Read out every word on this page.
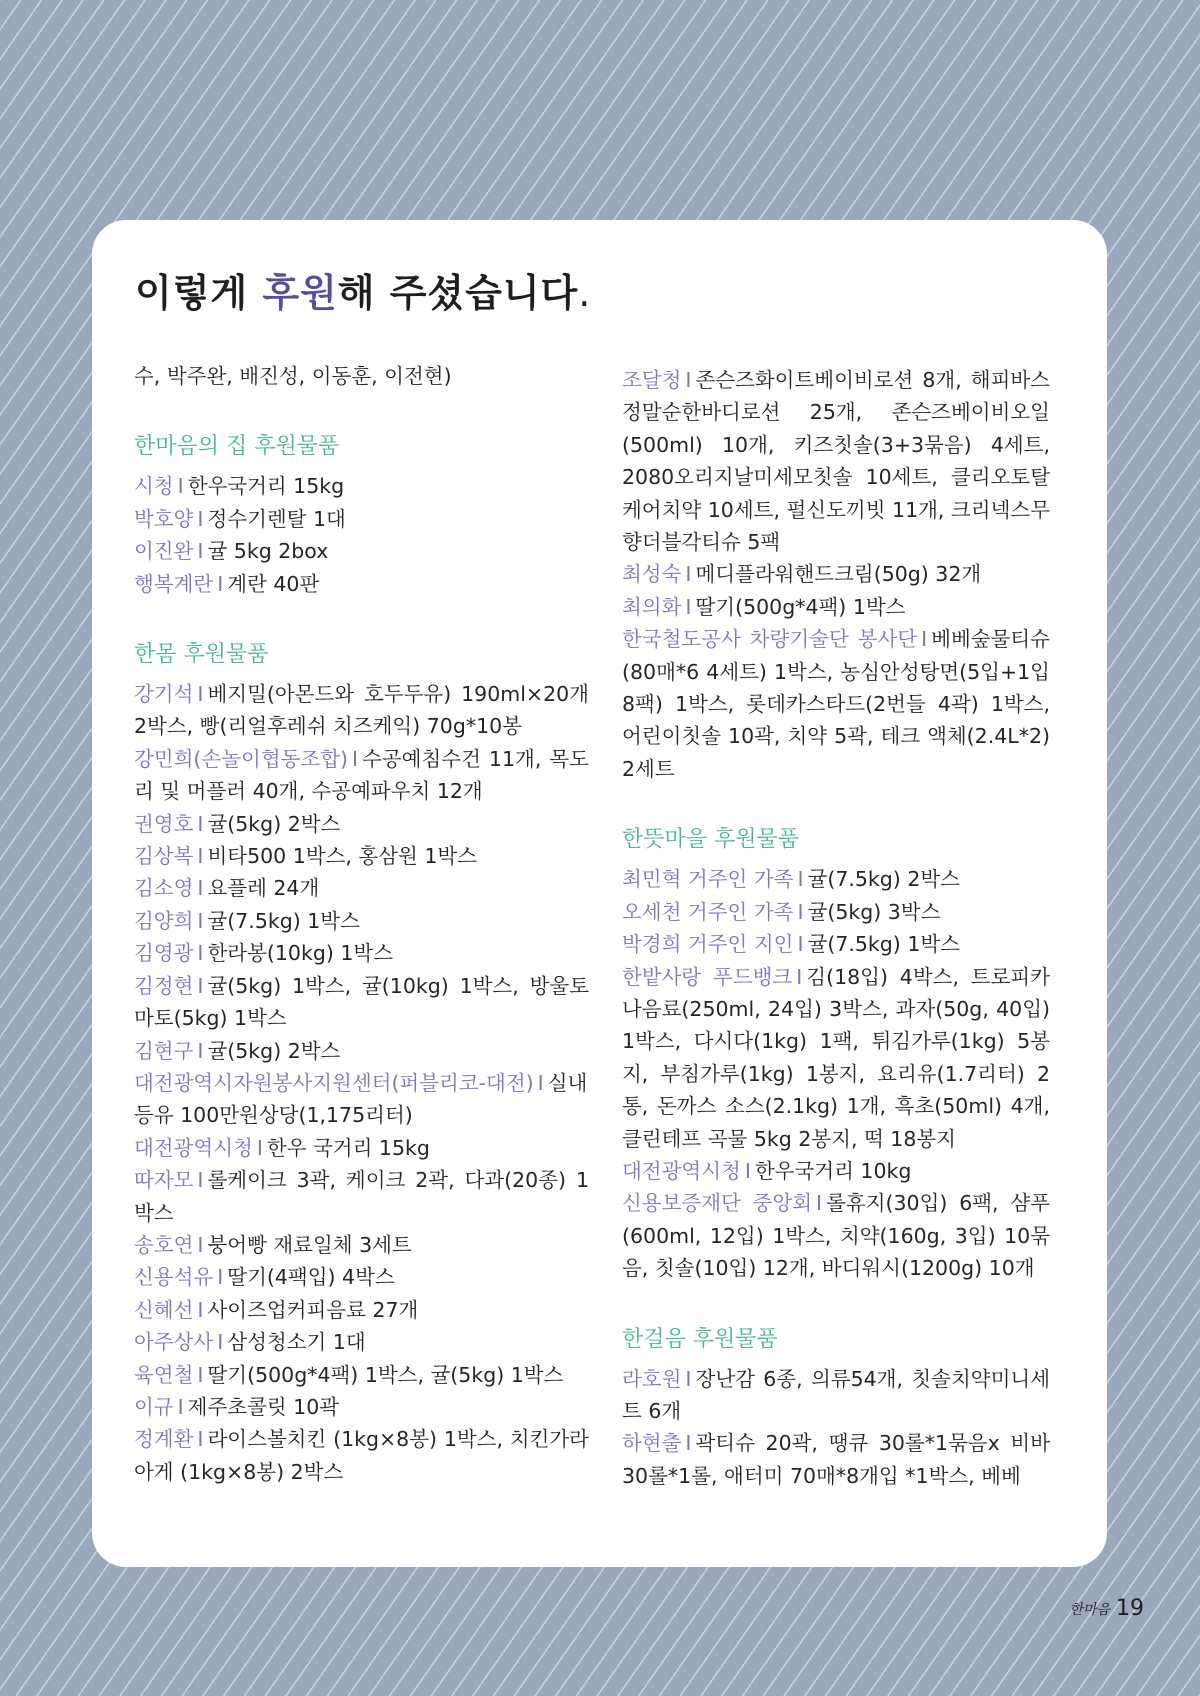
이렇게 후원해 주셨습니다.

수, 박주완, 배진성, 이동훈, 이전현)

한마음의 집 후원물품

시청 I 한우국거리 15kg

박호양 I 정수기렌탈 1대

이진완 I 귤 5kg 2box

행복계란 I 계란 40판

한몸 후원물품

강기석 I 베지밀(아몬드와 호두두유) 190ml×20개 2박스, 빵(리얼후레쉬 치즈케익) 70g*10봉

강민희(손놀이협동조합) I 수공예침수건 11개, 목도리 및 머플러 40개, 수공예파우치 12개

권영호 I 귤(5kg) 2박스

김상복 I 비타500 1박스, 홍삼원 1박스

김소영 I 요플레 24개

김양희 I 귤(7.5kg) 1박스

김영광 I 한라봉(10kg) 1박스

김정현 I 귤(5kg) 1박스, 귤(10kg) 1박스, 방울토마토(5kg) 1박스

김현구 I 귤(5kg) 2박스

대전광역시자원봉사지원센터(퍼블리코-대전) I 실내등유 100만원상당(1,175리터)

대전광역시청 I 한우 국거리 15kg

따자모 I 롤케이크 3곽, 케이크 2곽, 다과(20종) 1박스

송호연 I 붕어빵 재료일체 3세트

신용석유 I 딸기(4팩입) 4박스

신혜선 I 사이즈업커피음료 27개

아주상사 I 삼성청소기 1대

육연철 I 딸기(500g*4팩) 1박스, 귤(5kg) 1박스

이규 I 제주초콜릿 10곽

정계환 I 라이스볼치킨 (1kg×8봉) 1박스, 치킨가라아게 (1kg×8봉) 2박스

조달청 I 존슨즈화이트베이비로션 8개, 해피바스정말순한바디로션 25개, 존슨즈베이비오일(500ml) 10개, 키즈칫솔(3+3묶음) 4세트, 2080오리지날미세모칫솔 10세트, 클리오토탈케어치약 10세트, 펄신도끼빗 11개, 크리넥스무향더블각티슈 5팩

최성숙 I 메디플라워핸드크림(50g) 32개

최의화 I 딸기(500g*4팩) 1박스

한국철도공사 차량기술단 봉사단 I 베베숲물티슈(80매*6 4세트) 1박스, 농심안성탕면(5입+1입 8팩) 1박스, 롯데카스타드(2번들 4곽) 1박스, 어린이칫솔 10곽, 치약 5곽, 테크 액체(2.4L*2) 2세트

한뜻마을 후원물품

최민혁 거주인 가족 I 귤(7.5kg) 2박스

오세천 거주인 가족 I 귤(5kg) 3박스

박경희 거주인 지인 I 귤(7.5kg) 1박스

한밭사랑 푸드뱅크 I 김(18입) 4박스, 트로피카나음료(250ml, 24입) 3박스, 과자(50g, 40입) 1박스, 다시다(1kg) 1팩, 튀김가루(1kg) 5봉지, 부침가루(1kg) 1봉지, 요리유(1.7리터) 2통, 돈까스 소스(2.1kg) 1개, 흑초(50ml) 4개, 클린테프 곡물 5kg 2봉지, 떡 18봉지

대전광역시청 I 한우국거리 10kg

신용보증재단 중앙회 I 롤휴지(30입) 6팩, 샴푸(600ml, 12입) 1박스, 치약(160g, 3입) 10묶음, 칫솔(10입) 12개, 바디워시(1200g) 10개

한걸음 후원물품

라호원 I 장난감 6종, 의류54개, 칫솔치약미니세트 6개

하현출 I 곽티슈 20곽, 땡큐 30롤*1묶음x 비바30롤*1롤, 애터미 70매*8개입 *1박스, 베베

한마음 19
